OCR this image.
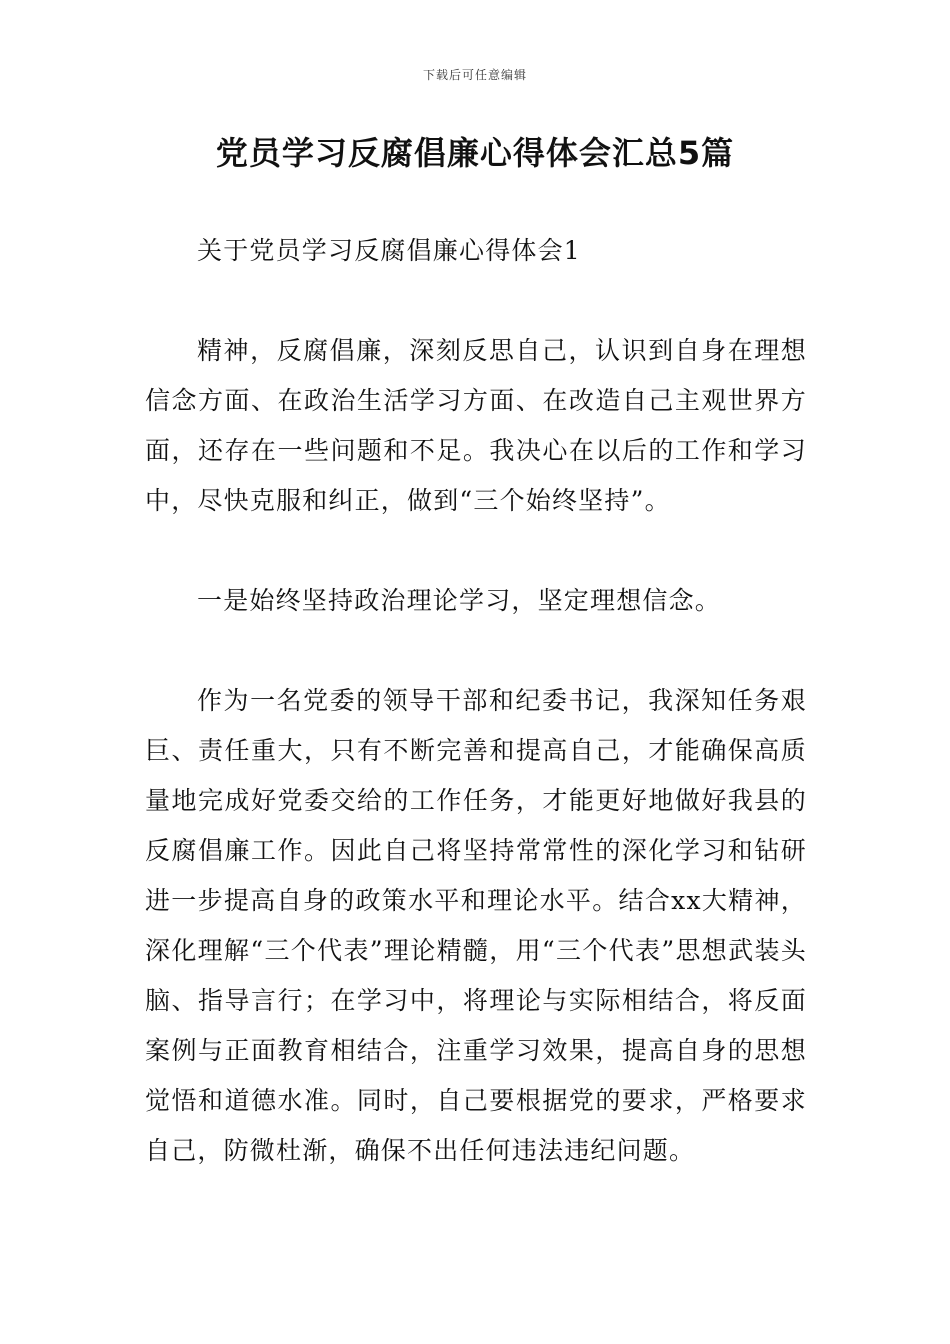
下载后可任意编辑
党员学习反腐倡廉心得体会汇总5篇

关于党员学习反腐倡廉心得体会1

精神，反腐倡廉，深刻反思自己，认识到自身在理想信念方面、在政治生活学习方面、在改造自己主观世界方面，还存在一些问题和不足。我决心在以后的工作和学习中，尽快克服和纠正，做到“三个始终坚持”。

一是始终坚持政治理论学习，坚定理想信念。

作为一名党委的领导干部和纪委书记，我深知任务艰巨、责任重大，只有不断完善和提高自己，才能确保高质量地完成好党委交给的工作任务，才能更好地做好我县的反腐倡廉工作。因此自己将坚持常常性的深化学习和钻研进一步提高自身的政策水平和理论水平。结合xx大精神，深化理解“三个代表”理论精髓，用“三个代表”思想武装头脑、指导言行；在学习中，将理论与实际相结合，将反面案例与正面教育相结合，注重学习效果，提高自身的思想觉悟和道德水准。同时，自己要根据党的要求，严格要求自己，防微杜渐，确保不出任何违法违纪问题。
